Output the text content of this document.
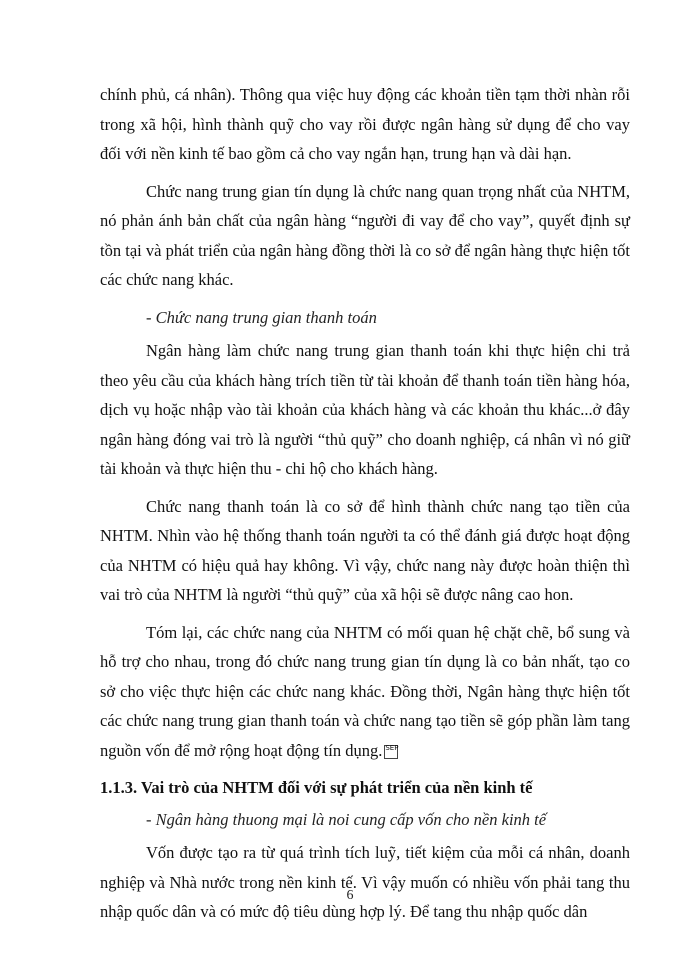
chính phủ, cá nhân). Thông qua việc huy động các khoản tiền tạm thời nhàn rỗi trong xã hội, hình thành quỹ cho vay rồi được ngân hàng sử dụng để cho vay đối với nền kinh tế bao gồm cả cho vay ngắn hạn, trung hạn và dài hạn.

Chức nang trung gian tín dụng là chức nang quan trọng nhất của NHTM, nó phản ánh bản chất của ngân hàng “người đi vay để cho vay”, quyết định sự tồn tại và phát triển của ngân hàng đồng thời là co sở để ngân hàng thực hiện tốt các chức nang khác.

- Chức nang trung gian thanh toán

Ngân hàng làm chức nang trung gian thanh toán khi thực hiện chi trả theo yêu cầu của khách hàng trích tiền từ tài khoản để thanh toán tiền hàng hóa, dịch vụ hoặc nhập vào tài khoản của khách hàng và các khoản thu khác...ở đây ngân hàng đóng vai trò là người “thủ quỹ” cho doanh nghiệp, cá nhân vì nó giữ tài khoản và thực hiện thu - chi hộ cho khách hàng.

Chức nang thanh toán là co sở để hình thành chức nang tạo tiền của NHTM. Nhìn vào hệ thống thanh toán người ta có thể đánh giá được hoạt động của NHTM có hiệu quả hay không. Vì vậy, chức nang này được hoàn thiện thì vai trò của NHTM là người “thủ quỹ” của xã hội sẽ được nâng cao hon.

Tóm lại, các chức nang của NHTM có mối quan hệ chặt chẽ, bổ sung và hỗ trợ cho nhau, trong đó chức nang trung gian tín dụng là co bản nhất, tạo co sở cho việc thực hiện các chức nang khác. Đồng thời, Ngân hàng thực hiện tốt các chức nang trung gian thanh toán và chức nang tạo tiền sẽ góp phần làm tang nguồn vốn để mở rộng hoạt động tín dụng. SEP

1.1.3. Vai trò của NHTM đối với sự phát triển của nền kinh tế

- Ngân hàng thuong mại là noi cung cấp vốn cho nền kinh tế

Vốn được tạo ra từ quá trình tích luỹ, tiết kiệm của mỗi cá nhân, doanh nghiệp và Nhà nước trong nền kinh tế. Vì vậy muốn có nhiều vốn phải tang thu nhập quốc dân và có mức độ tiêu dùng hợp lý. Để tang thu nhập quốc dân

6
